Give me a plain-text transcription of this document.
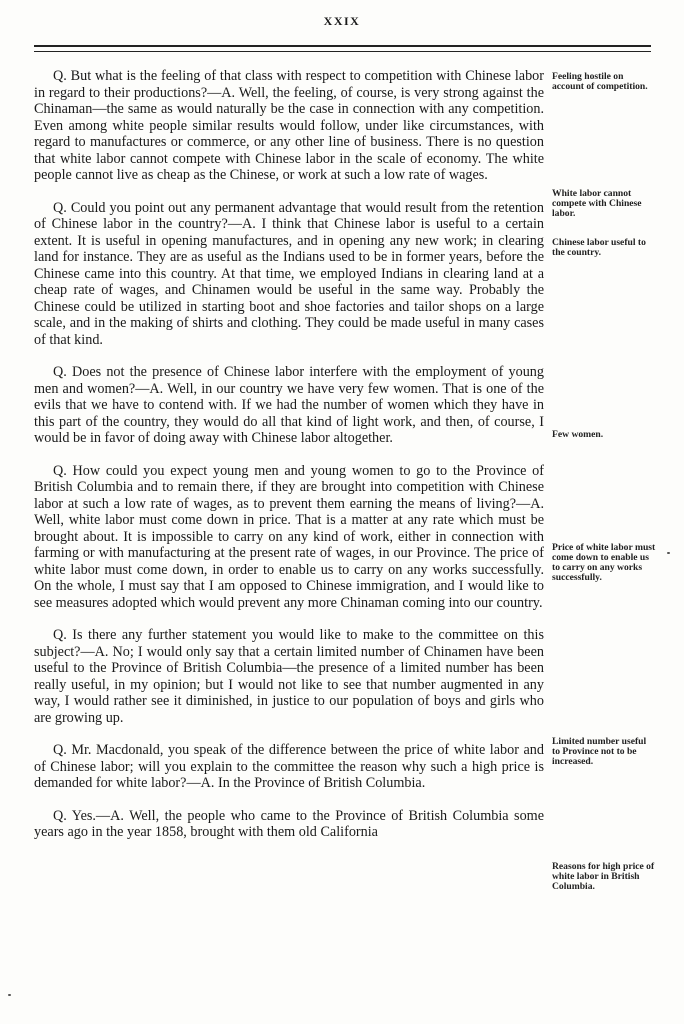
XXIX

Q. But what is the feeling of that class with respect to competition with Chinese labor in regard to their productions?—A. Well, the feeling, of course, is very strong against the Chinaman—the same as would naturally be the case in connection with any competition. Even among white people similar results would follow, under like circumstances, with regard to manufactures or commerce, or any other line of business. There is no question that white labor cannot compete with Chinese labor in the scale of economy. The white people cannot live as cheap as the Chinese, or work at such a low rate of wages.

Q. Could you point out any permanent advantage that would result from the retention of Chinese labor in the country?—A. I think that Chinese labor is useful to a certain extent. It is useful in opening manufactures, and in opening any new work; in clearing land for instance. They are as useful as the Indians used to be in former years, before the Chinese came into this country. At that time, we employed Indians in clearing land at a cheap rate of wages, and Chinamen would be useful in the same way. Probably the Chinese could be utilized in starting boot and shoe factories and tailor shops on a large scale, and in the making of shirts and clothing. They could be made useful in many cases of that kind.

Q. Does not the presence of Chinese labor interfere with the employment of young men and women?—A. Well, in our country we have very few women. That is one of the evils that we have to contend with. If we had the number of women which they have in this part of the country, they would do all that kind of light work, and then, of course, I would be in favor of doing away with Chinese labor altogether.

Q. How could you expect young men and young women to go to the Province of British Columbia and to remain there, if they are brought into competition with Chinese labor at such a low rate of wages, as to prevent them earning the means of living?—A. Well, white labor must come down in price. That is a matter at any rate which must be brought about. It is impossible to carry on any kind of work, either in connection with farming or with manufacturing at the present rate of wages, in our Province. The price of white labor must come down, in order to enable us to carry on any works successfully. On the whole, I must say that I am opposed to Chinese immigration, and I would like to see measures adopted which would prevent any more Chinaman coming into our country.

Q. Is there any further statement you would like to make to the committee on this subject?—A. No; I would only say that a certain limited number of Chinamen have been useful to the Province of British Columbia—the presence of a limited number has been really useful, in my opinion; but I would not like to see that number augmented in any way, I would rather see it diminished, in justice to our population of boys and girls who are growing up.

Q. Mr. Macdonald, you speak of the difference between the price of white labor and of Chinese labor; will you explain to the committee the reason why such a high price is demanded for white labor?—A. In the Province of British Columbia.

Q. Yes.—A. Well, the people who came to the Province of British Columbia some years ago in the year 1858, brought with them old California

Feeling hostile on account of competition.
White labor cannot compete with Chinese labor.
Chinese labor useful to the country.
Few women.
Price of white labor must come down to enable us to carry on any works successfully.
Limited number useful to Province not to be increased.
Reasons for high price of white labor in British Columbia.
